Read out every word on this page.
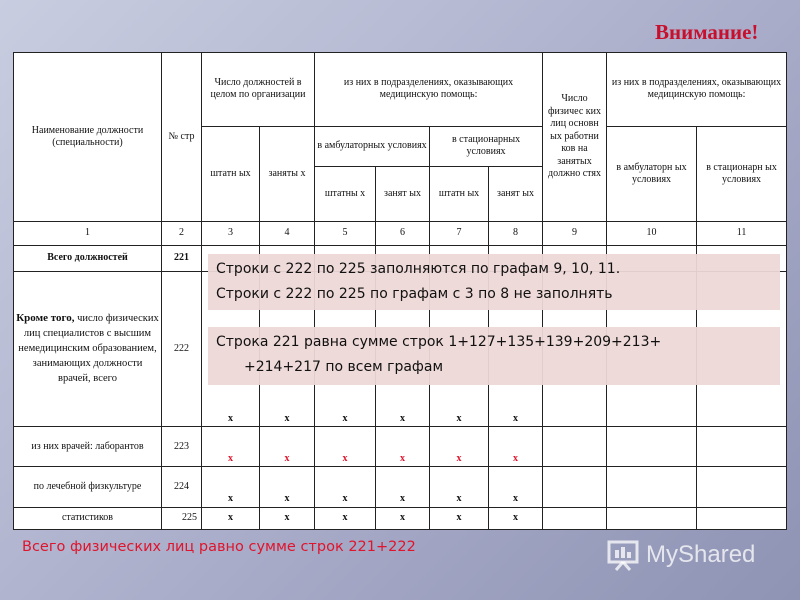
Внимание!
Наименование должности (специальности)	№ стр	Число должностей в целом по организации		из них в подразделениях, оказывающих медицинскую помощь:				Число физичес ких лиц основн ых работни ков на занятых должно стях	из них в подразделениях, оказывающих медицинскую помощь:	
		штатн ых	заняты х	в амбулаторных условиях		в стационарных условиях			в амбулаторн ых условиях	в стационарн ых условиях
				штатны х	занят ых	штатн ых	занят ых			
1	2	3	4	5	6	7	8	9	10	11
Всего должностей	221									
Кроме того, число физических лиц специалистов с высшим немедицинским образованием, занимающих должности врачей, всего	222	x	x	x	x	x	x			
из них врачей: лаборантов	223	x	x	x	x	x	x			
по лечебной физкультуре	224	x	x	x	x	x	x			
статистиков	225	x	x	x	x	x	x			
Строки с 222 по 225 заполняются по графам 9, 10, 11.
Строки с 222 по 225 по графам с 3 по 8 не заполнять
Строка 221 равна сумме строк 1+127+135+139+209+213+
+214+217 по всем графам
Всего физических лиц равно сумме строк 221+222	MyShared
